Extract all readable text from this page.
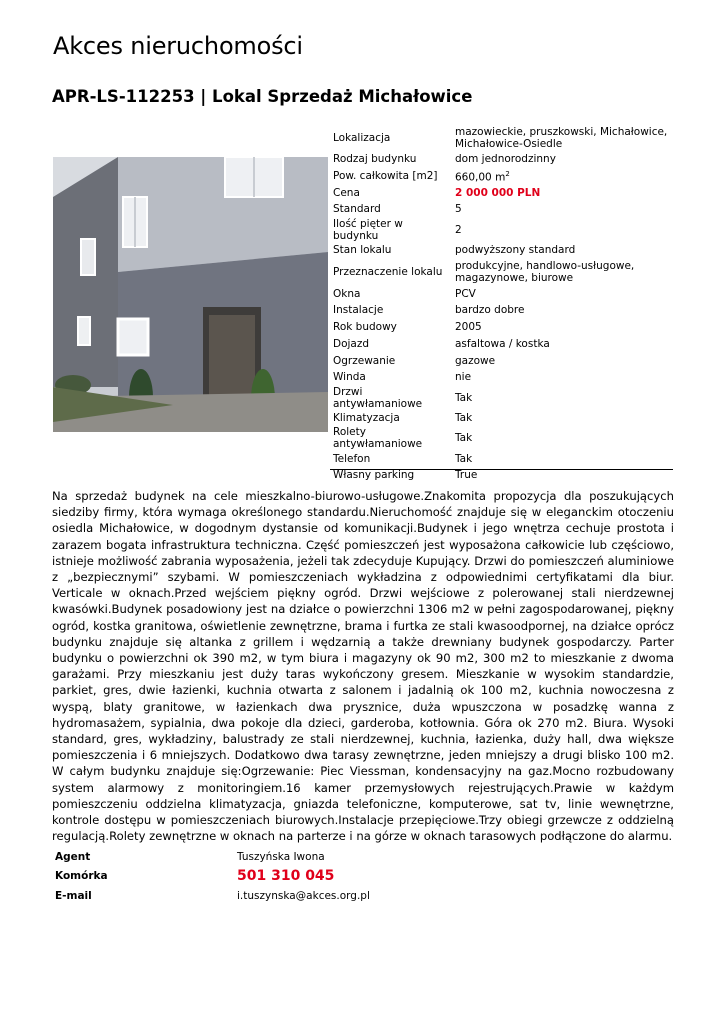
Akces nieruchomości
APR-LS-112253 | Lokal Sprzedaż Michałowice
Lokalizacja	mazowieckie, pruszkowski, Michałowice, Michałowice-Osiedle
Rodzaj budynku	dom jednorodzinny
Pow. całkowita [m2]	660,00 $m^2$
Cena	2 000 000 PLN
Standard	5
Ilość pięter w budynku	2
Stan lokalu	podwyższony standard
Przeznaczenie lokalu	produkcyjne, handlowo-usługowe, magazynowe, biurowe
Okna	PCV
Instalacje	bardzo dobre
Rok budowy	2005
Dojazd	asfaltowa / kostka
Ogrzewanie	gazowe
Winda	nie
Drzwi antywłamaniowe	Tak
Klimatyzacja	Tak
Rolety antywłamaniowe	Tak
Telefon	Tak
Własny parking	True
Na sprzedaż budynek na cele mieszkalno-biurowo-usługowe.Znakomita propozycja dla poszukujących siedziby firmy, która wymaga określonego standardu.Nieruchomość znajduje się w eleganckim otoczeniu osiedla Michałowice, w dogodnym dystansie od komunikacji.Budynek i jego wnętrza cechuje prostota i zarazem bogata infrastruktura techniczna. Część pomieszczeń jest wyposażona całkowicie lub częściowo, istnieje możliwość zabrania wyposażenia, jeżeli tak zdecyduje Kupujący. Drzwi do pomieszczeń aluminiowe z „bezpiecznymi” szybami. W pomieszczeniach wykładzina z odpowiednimi certyfikatami dla biur. Verticale w oknach.Przed wejściem piękny ogród. Drzwi wejściowe z polerowanej stali nierdzewnej kwasówki.Budynek posadowiony jest na działce o powierzchni 1306 m2 w pełni zagospodarowanej, piękny ogród, kostka granitowa, oświetlenie zewnętrzne, brama i furtka ze stali kwasoodpornej, na działce oprócz budynku znajduje się altanka z grillem i wędzarnią a także drewniany budynek gospodarczy. Parter budynku o powierzchni ok 390 m2, w tym biura i magazyny ok 90 m2, 300 m2 to mieszkanie z dwoma garażami. Przy mieszkaniu jest duży taras wykończony gresem. Mieszkanie w wysokim standardzie, parkiet, gres, dwie łazienki, kuchnia otwarta z salonem i jadalnią ok 100 m2, kuchnia nowoczesna z wyspą, blaty granitowe, w łazienkach dwa prysznice, duża wpuszczona w posadzkę wanna z hydromasażem, sypialnia, dwa pokoje dla dzieci, garderoba, kotłownia. Góra ok 270 m2. Biura. Wysoki standard, gres, wykładziny, balustrady ze stali nierdzewnej, kuchnia, łazienka, duży hall, dwa większe pomieszczenia i 6 mniejszych. Dodatkowo dwa tarasy zewnętrzne, jeden mniejszy a drugi blisko 100 m2. W całym budynku znajduje się:Ogrzewanie: Piec Viessman, kondensacyjny na gaz.Mocno rozbudowany system alarmowy z monitoringiem.16 kamer przemysłowych rejestrujących.Prawie w każdym pomieszczeniu oddzielna klimatyzacja, gniazda telefoniczne, komputerowe, sat tv, linie wewnętrzne, kontrole dostępu w pomieszczeniach biurowych.Instalacje przepięciowe.Trzy obiegi grzewcze z oddzielną regulacją.Rolety zewnętrzne w oknach na parterze i na górze w oknach tarasowych podłączone do alarmu.
Agent	Tuszyńska Iwona
Komórka	501 310 045
E-mail	i.tuszynska@akces.org.pl
